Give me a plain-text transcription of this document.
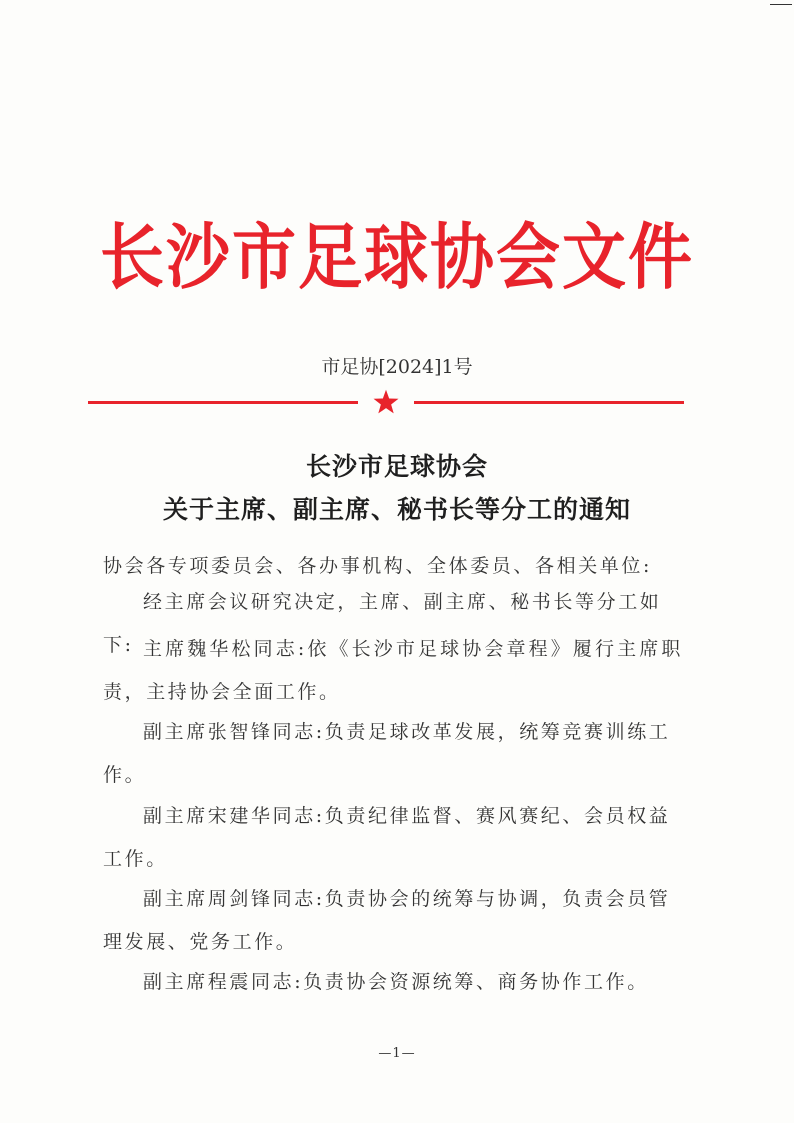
长沙市足球协会文件
市足协[2024]1号
长沙市足球协会
关于主席、副主席、秘书长等分工的通知
协会各专项委员会、各办事机构、全体委员、各相关单位:
经主席会议研究决定，主席、副主席、秘书长等分工如下: 主席魏华松同志:依《长沙市足球协会章程》履行主席职责，主持协会全面工作。
副主席张智锋同志:负责足球改革发展，统筹竞赛训练工作。
副主席宋建华同志:负责纪律监督、赛风赛纪、会员权益工作。
副主席周剑锋同志:负责协会的统筹与协调，负责会员管理发展、党务工作。
副主席程震同志:负责协会资源统筹、商务协作工作。
—1—
